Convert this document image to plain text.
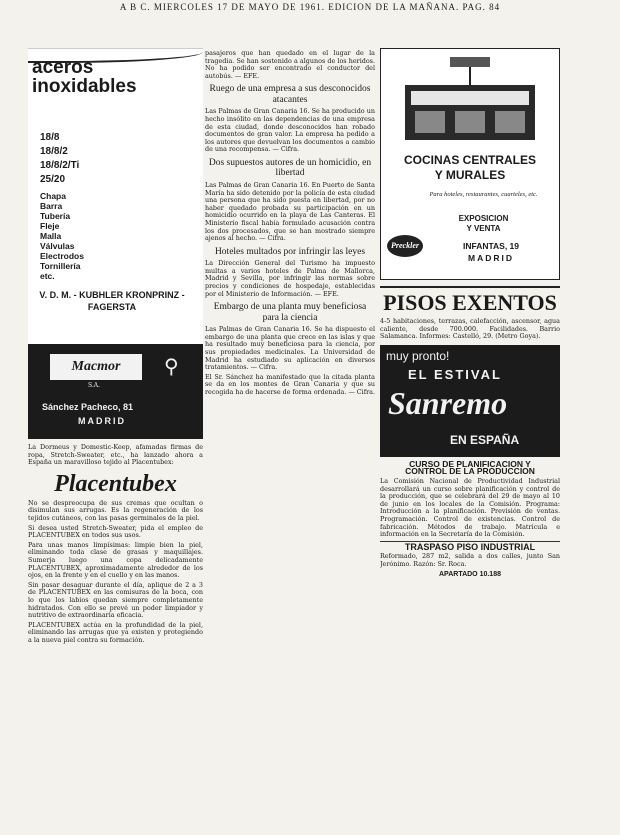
A B C. MIERCOLES 17 DE MAYO DE 1961. EDICION DE LA MAÑANA. PAG. 84
aceros
inoxidables
18/8
18/8/2
18/8/2/Ti
25/20
Chapa
Barra
Tubería
Fleje
Malla
Válvulas
Electrodos
Tornillería
etc.
V. D. M. - KUBHLER KRONPRINZ - FAGERSTA
Macmor
S.A.
⚲
Sánchez Pacheco, 81
MADRID
La Dormeus y Domestic-Keep, afamadas firmas de ropa, Stretch-Sweater, etc., ha lanzado ahora a España un maravilloso tejido al Placentubex:
Placentubex
No se despreocupa de sus cremas que ocultan o disimulan sus arrugas. Es la regeneración de los tejidos cutáneos, con las pasas germinales de la piel.
Si desea usted Stretch-Sweater, pida el empleo de PLACENTUBEX en todos sus usos.
Para unas manos limpísimas: limpie bien la piel, eliminando toda clase de grasas y maquillajes. Sumerja luego una copa delicadamente PLACENTUBEX, aproximadamente alrededor de los ojos, en la frente y en el cuello y en las manos.
Sin pasar desaguar durante el día, aplique de 2 a 3 de PLACENTUBEX en las comisuras de la boca, con lo que los labios quedan siempre completamente hidratados. Con ello se prevé un poder limpiador y nutritivo de extraordinaria eficacia.
PLACENTUBEX actúa en la profundidad de la piel, eliminando las arrugas que ya existen y protegiendo a la nueva piel contra su formación.
pasajeros que han quedado en el lugar de la tragedia. Se han sostenido a algunos de los heridos. No ha podido ser encontrado el conductor del autobús. — EFE.
Ruego de una empresa a sus desconocidos atacantes
Las Palmas de Gran Canaria 16. Se ha producido un hecho insólito en las dependencias de una empresa de esta ciudad, donde desconocidos han robado documentos de gran valor. La empresa ha pedido a los autores que devuelvan los documentos a cambio de una recompensa. — Cifra.
Dos supuestos autores de un homicidio, en libertad
Las Palmas de Gran Canaria 16. En Puerto de Santa María ha sido detenido por la policía de esta ciudad una persona que ha sido puesta en libertad, por no haber quedado probada su participación en un homicidio ocurrido en la playa de Las Canteras. El Ministerio fiscal había formulado acusación contra los dos procesados, que se han mostrado siempre ajenos al hecho. — Cifra.
Hoteles multados por infringir las leyes
La Dirección General del Turismo ha impuesto multas a varios hoteles de Palma de Mallorca, Madrid y Sevilla, por infringir las normas sobre precios y condiciones de hospedaje, establecidas por el Ministerio de Información. — EFE.
Embargo de una planta muy beneficiosa para la ciencia
Las Palmas de Gran Canaria 16. Se ha dispuesto el embargo de una planta que crece en las islas y que ha resultado muy beneficiosa para la ciencia, por sus propiedades medicinales. La Universidad de Madrid ha estudiado su aplicación en diversos tratamientos. — Cifra.
El Sr. Sánchez ha manifestado que la citada planta se da en los montes de Gran Canaria y que su recogida ha de hacerse de forma ordenada. — Cifra.
COCINAS CENTRALES
Y MURALES
Para hoteles, restaurantes, cuarteles, etc.
EXPOSICION
Y VENTA
Preckler	INFANTAS, 19
MADRID
PISOS EXENTOS
4-5 habitaciones, terrazas, calefacción, ascensor, agua caliente, desde 700.000. Facilidades. Barrio Salamanca. Informes: Castelló, 29. (Metro Goya).
muy pronto!
EL ESTIVAL
Sanremo
EN ESPAÑA
CURSO DE PLANIFICACION Y
CONTROL DE LA PRODUCCION
La Comisión Nacional de Productividad Industrial desarrollará un curso sobre planificación y control de la producción, que se celebrará del 29 de mayo al 10 de junio en los locales de la Comisión. Programa: Introducción a la planificación. Previsión de ventas. Programación. Control de existencias. Control de fabricación. Métodos de trabajo. Matrícula e información en la Secretaría de la Comisión.
TRASPASO PISO INDUSTRIAL
Reformado, 287 m2, salida a dos calles, junto San Jerónimo. Razón: Sr. Roca.
APARTADO 10.188
